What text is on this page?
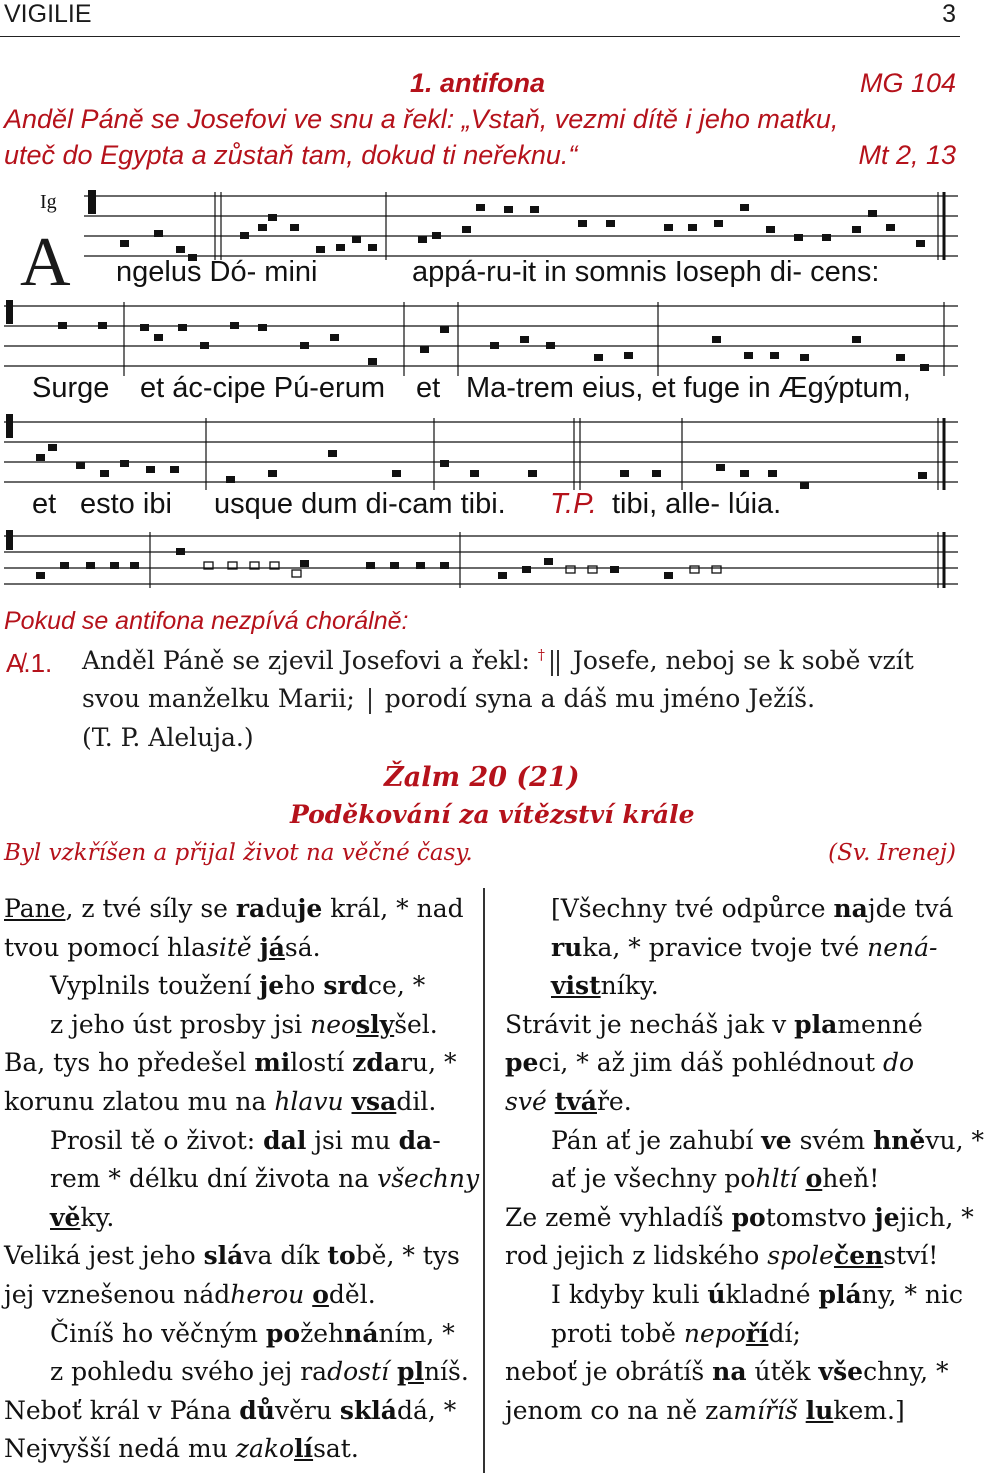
VIGILIE	3
1. antifona	MG 104
Anděl Páně se Josefovi ve snu a řekl: „Vstaň, vezmi dítě i jeho matku,
uteč do Egypta a zůstaň tam, dokud ti neřeknu.“	Mt 2, 13
Ig
A ngelus Dó- mini	appá-ru-it in somnis Ioseph di- cens:
Surge et ác-cipe Pú-erum et Ma-trem eius, et fuge in Ægýptum,
et esto ibi usque dum di-cam tibi. T.P. tibi, alle- lúia.
Pokud se antifona nezpívá chorálně:
A̸.1. Anděl Páně se zjevil Josefovi a řekl: † Josefe, neboj se k sobě vzít
svou manželku Marii; porodí syna a dáš mu jméno Ježíš.
(T. P. Aleluja.)
Žalm 20 (21)
Poděkování za vítězství krále
Byl vzkříšen a přijal život na věčné časy.	(Sv. Irenej)
Pane, z tvé síly se raduje král, * nad
tvou pomocí hlasitě jásá.
Vyplnils toužení jeho srdce, *
z jeho úst prosby jsi neoslyšel.
Ba, tys ho předešel milostí zdaru, *
korunu zlatou mu na hlavu vsadil.
Prosil tě o život: dal jsi mu da-
rem * délku dní života na všechny
věky.
Veliká jest jeho sláva dík tobě, * tys
jej vznešenou nádherou oděl.
Činíš ho věčným požehnáním, *
z pohledu svého jej radostí plníš.
Neboť král v Pána důvěru skládá, *
Nejvyšší nedá mu zakolísat.
[Všechny tvé odpůrce najde tvá
ruka, * pravice tvoje tvé nená-
vistníky.
Strávit je necháš jak v plamenné
peci, * až jim dáš pohlédnout do
své tváře.
Pán ať je zahubí ve svém hněvu, *
ať je všechny pohltí oheň!
Ze země vyhladíš potomstvo jejich, *
rod jejich z lidského společenství!
I kdyby kuli úkladné plány, * nic
proti tobě nepořídí;
neboť je obrátíš na útěk všechny, *
jenom co na ně zamíříš lukem.]
